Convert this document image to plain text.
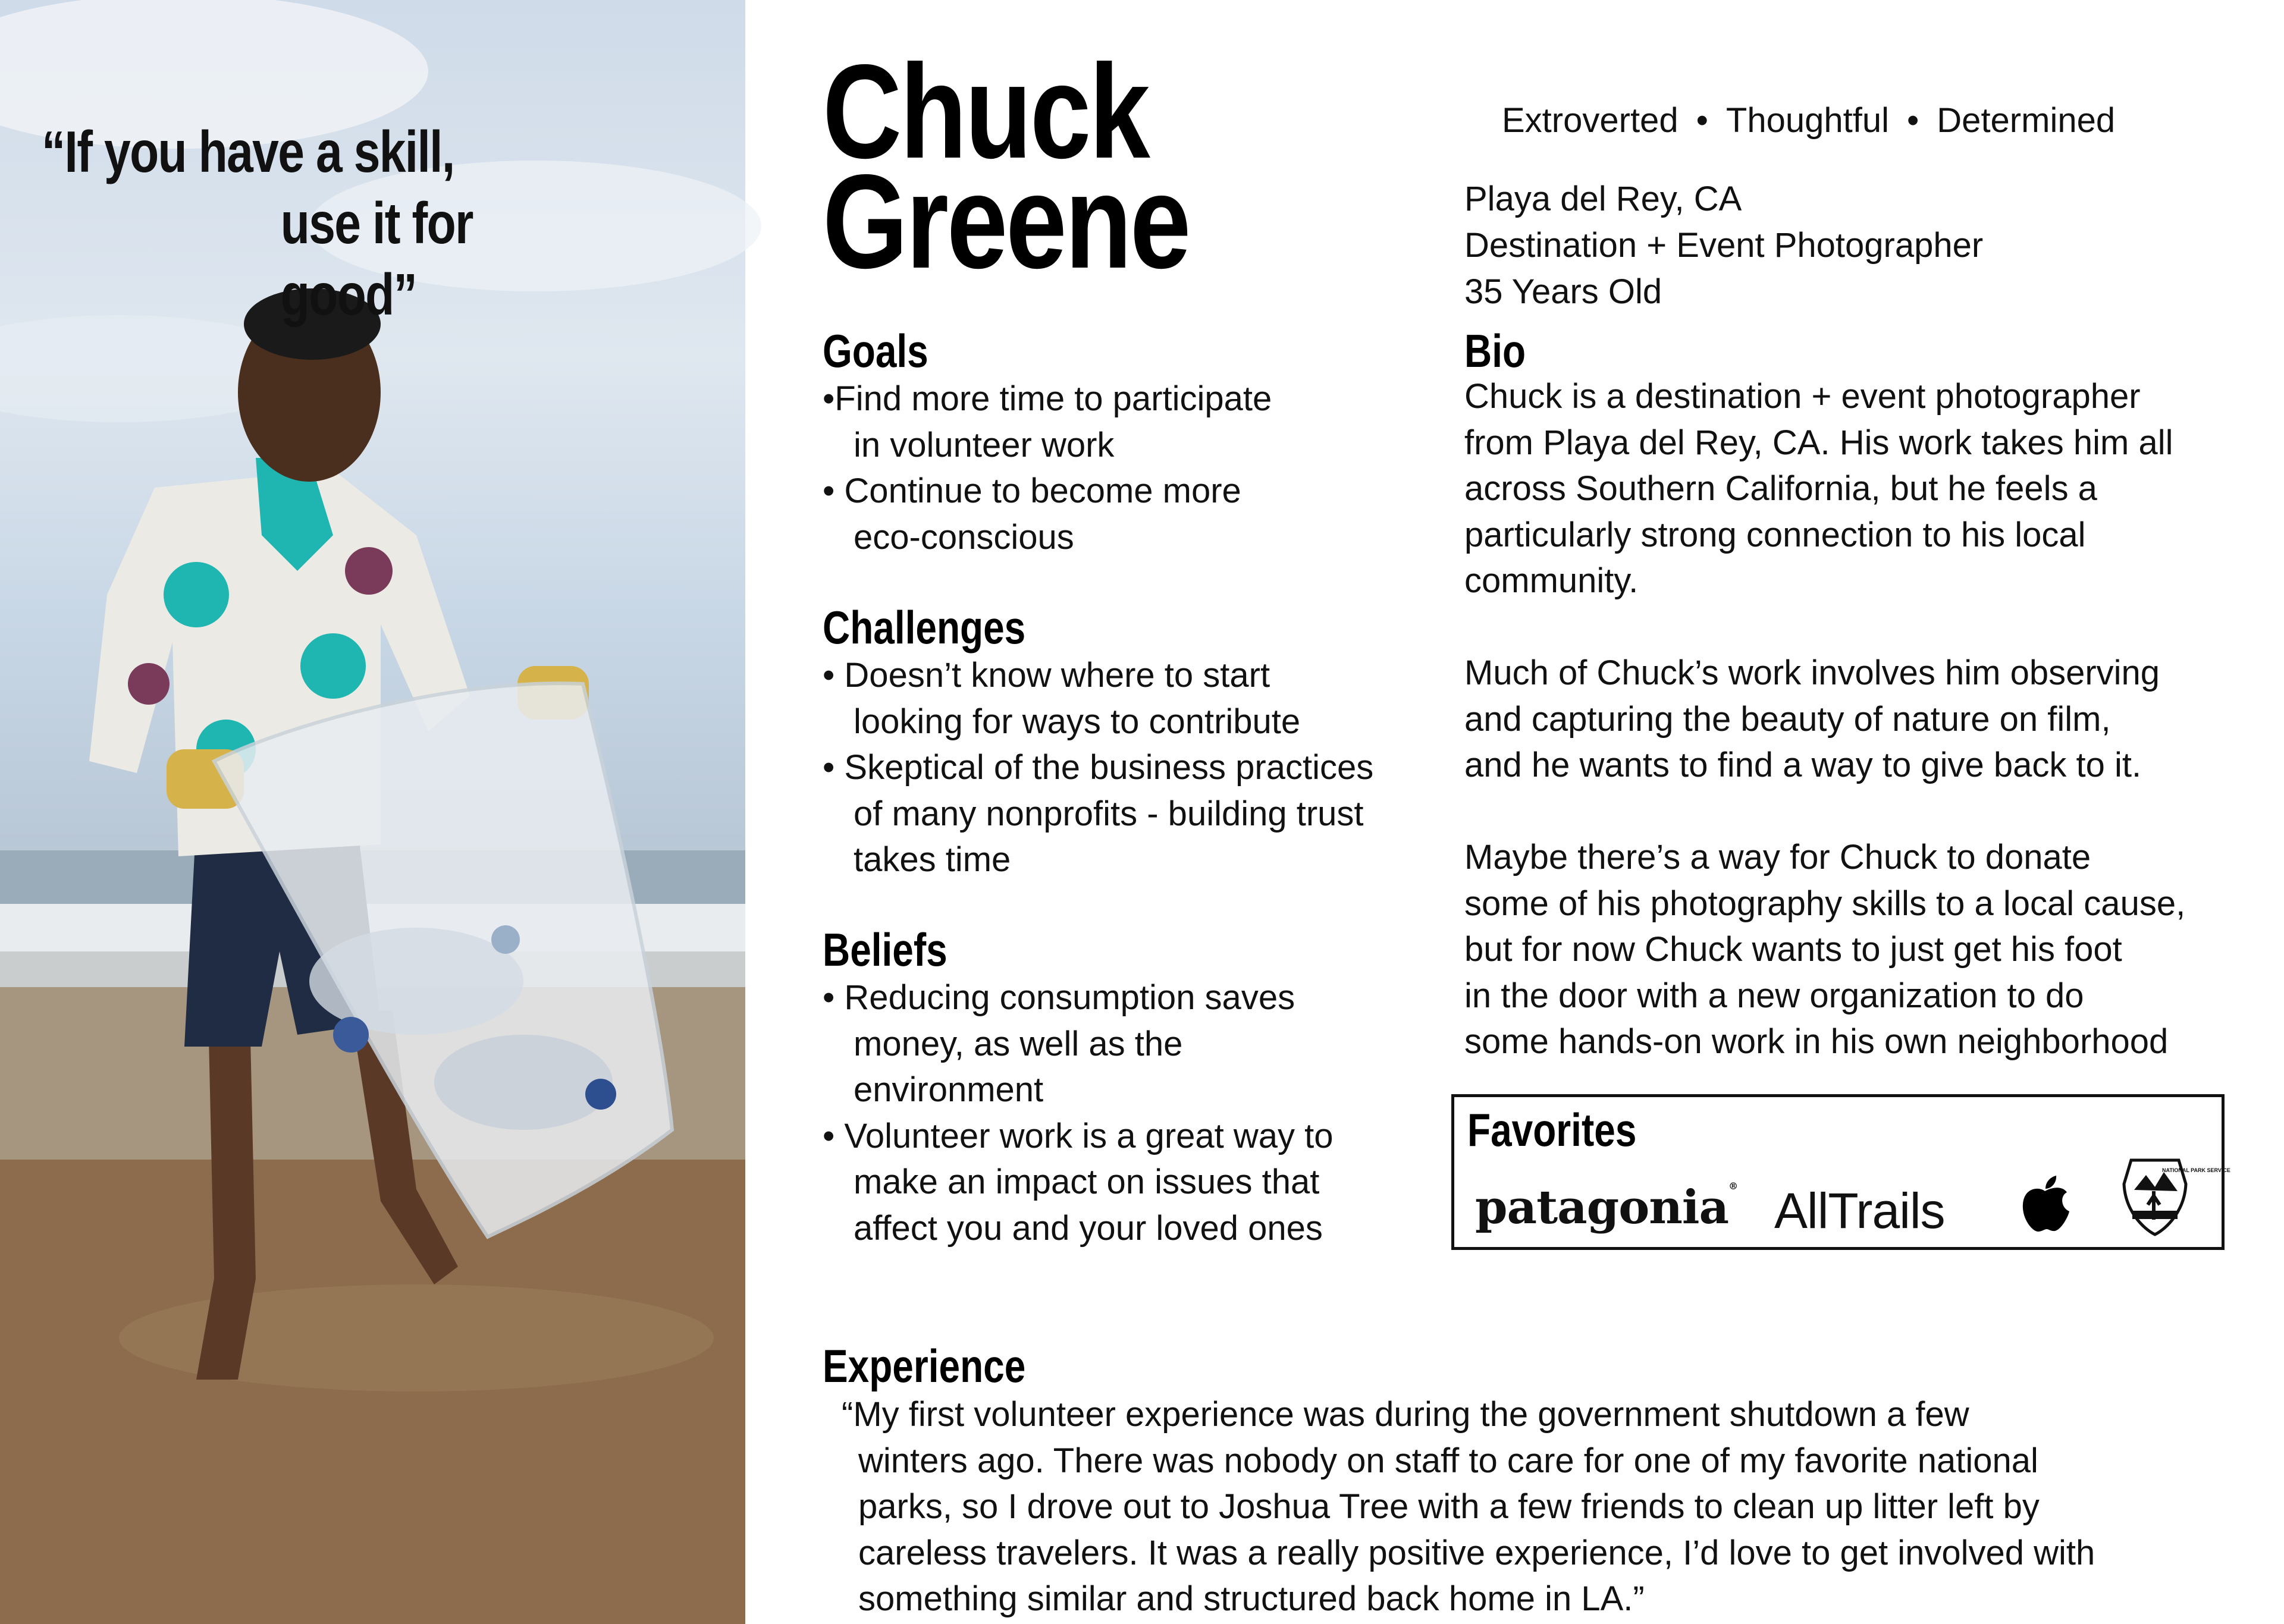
“If you have a skill,
use it for good”
Chuck
Greene
Extroverted • Thoughtful • Determined
Playa del Rey, CA
Destination + Event Photographer
35 Years Old
Goals
•Find more time to participate
in volunteer work
• Continue to become more
eco-conscious
Challenges
• Doesn’t know where to start
looking for ways to contribute
• Skeptical of the business practices
of many nonprofits - building trust
takes time
Beliefs
• Reducing consumption saves
money, as well as the
environment
• Volunteer work is a great way to
make an impact on issues that
affect you and your loved ones
Bio

Chuck is a destination + event photographer
from Playa del Rey, CA. His work takes him all
across Southern California, but he feels a
particularly strong connection to his local
community.

Much of Chuck’s work involves him observing
and capturing the beauty of nature on film,
and he wants to find a way to give back to it.

Maybe there’s a way for Chuck to donate
some of his photography skills to a local cause,
but for now Chuck wants to just get his foot
in the door with a new organization to do
some hands-on work in his own neighborhood

Favorites
patagonia® AllTrails
NATIONAL PARK SERVICE
Experience
“My first volunteer experience was during the government shutdown a few
winters ago. There was nobody on staff to care for one of my favorite national
parks, so I drove out to Joshua Tree with a few friends to clean up litter left by
careless travelers. It was a really positive experience, I’d love to get involved with
something similar and structured back home in LA.”
